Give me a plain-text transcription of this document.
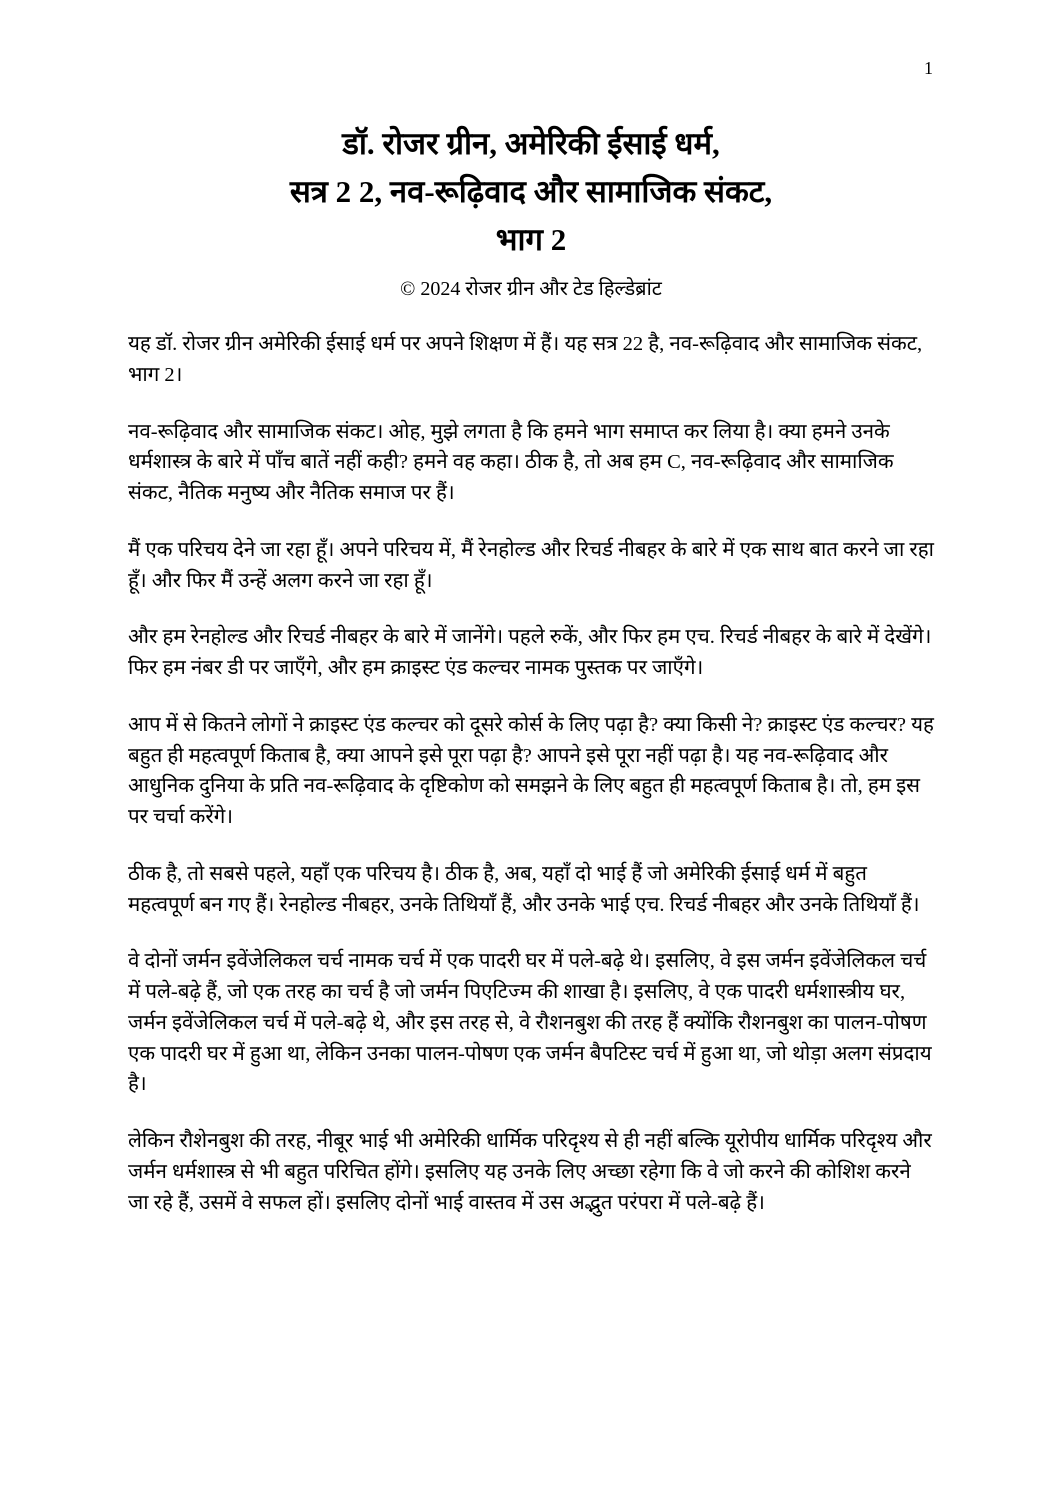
1
डॉ. रोजर ग्रीन, अमेरिकी ईसाई धर्म,
सत्र 2 2, नव-रूढ़िवाद और सामाजिक संकट,
भाग 2
© 2024 रोजर ग्रीन और टेड हिल्डेब्रांट

यह डॉ. रोजर ग्रीन अमेरिकी ईसाई धर्म पर अपने शिक्षण में हैं। यह सत्र 22 है, नव-रूढ़िवाद और सामाजिक संकट, भाग 2।

नव-रूढ़िवाद और सामाजिक संकट। ओह, मुझे लगता है कि हमने भाग समाप्त कर लिया है। क्या हमने उनके धर्मशास्त्र के बारे में पाँच बातें नहीं कही? हमने वह कहा। ठीक है, तो अब हम C, नव-रूढ़िवाद और सामाजिक संकट, नैतिक मनुष्य और नैतिक समाज पर हैं।

मैं एक परिचय देने जा रहा हूँ। अपने परिचय में, मैं रेनहोल्ड और रिचर्ड नीबहर के बारे में एक साथ बात करने जा रहा हूँ। और फिर मैं उन्हें अलग करने जा रहा हूँ।

और हम रेनहोल्ड और रिचर्ड नीबहर के बारे में जानेंगे। पहले रुकें, और फिर हम एच. रिचर्ड नीबहर के बारे में देखेंगे। फिर हम नंबर डी पर जाएँगे, और हम क्राइस्ट एंड कल्चर नामक पुस्तक पर जाएँगे।

आप में से कितने लोगों ने क्राइस्ट एंड कल्चर को दूसरे कोर्स के लिए पढ़ा है? क्या किसी ने? क्राइस्ट एंड कल्चर? यह बहुत ही महत्वपूर्ण किताब है, क्या आपने इसे पूरा पढ़ा है? आपने इसे पूरा नहीं पढ़ा है। यह नव-रूढ़िवाद और आधुनिक दुनिया के प्रति नव-रूढ़िवाद के दृष्टिकोण को समझने के लिए बहुत ही महत्वपूर्ण किताब है। तो, हम इस पर चर्चा करेंगे।

ठीक है, तो सबसे पहले, यहाँ एक परिचय है। ठीक है, अब, यहाँ दो भाई हैं जो अमेरिकी ईसाई धर्म में बहुत महत्वपूर्ण बन गए हैं। रेनहोल्ड नीबहर, उनके तिथियाँ हैं, और उनके भाई एच. रिचर्ड नीबहर और उनके तिथियाँ हैं।

वे दोनों जर्मन इवेंजेलिकल चर्च नामक चर्च में एक पादरी घर में पले-बढ़े थे। इसलिए, वे इस जर्मन इवेंजेलिकल चर्च में पले-बढ़े हैं, जो एक तरह का चर्च है जो जर्मन पिएटिज्म की शाखा है। इसलिए, वे एक पादरी धर्मशास्त्रीय घर, जर्मन इवेंजेलिकल चर्च में पले-बढ़े थे, और इस तरह से, वे रौशनबुश की तरह हैं क्योंकि रौशनबुश का पालन-पोषण एक पादरी घर में हुआ था, लेकिन उनका पालन-पोषण एक जर्मन बैपटिस्ट चर्च में हुआ था, जो थोड़ा अलग संप्रदाय है।

लेकिन रौशेनबुश की तरह, नीबूर भाई भी अमेरिकी धार्मिक परिदृश्य से ही नहीं बल्कि यूरोपीय धार्मिक परिदृश्य और जर्मन धर्मशास्त्र से भी बहुत परिचित होंगे। इसलिए यह उनके लिए अच्छा रहेगा कि वे जो करने की कोशिश करने जा रहे हैं, उसमें वे सफल हों। इसलिए दोनों भाई वास्तव में उस अद्भुत परंपरा में पले-बढ़े हैं।
